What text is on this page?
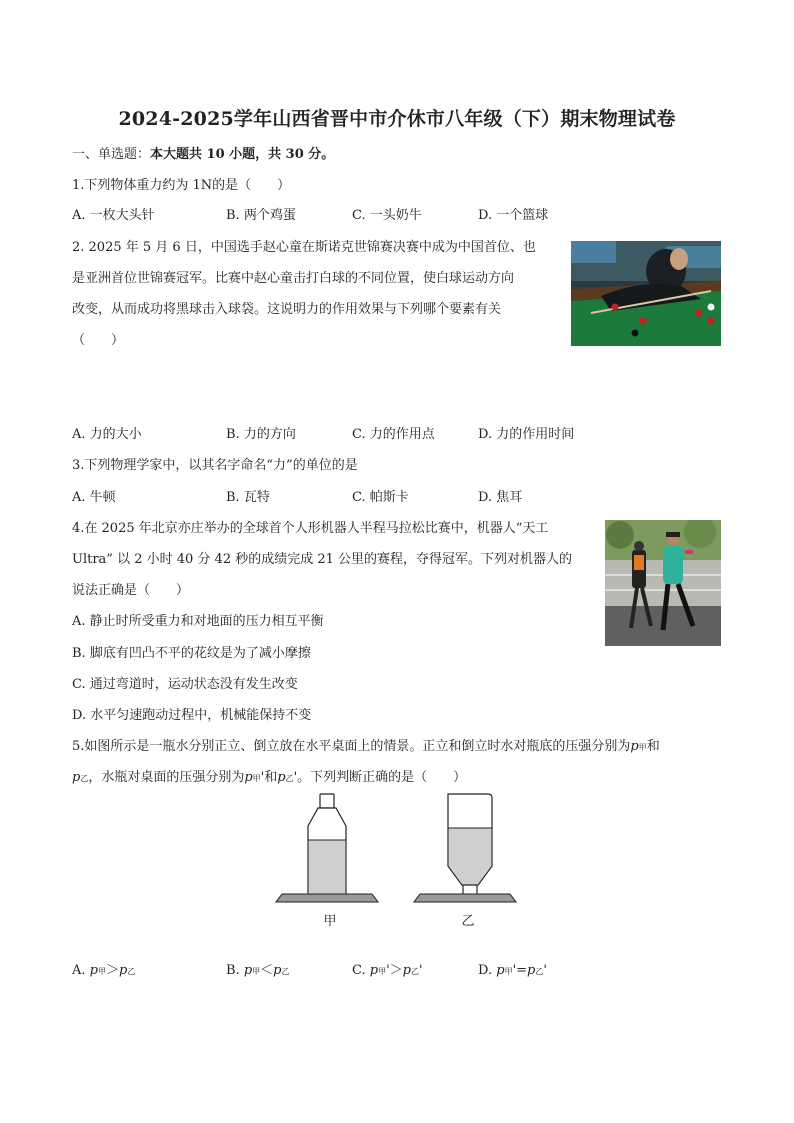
2024-2025学年山西省晋中市介休市八年级（下）期末物理试卷
一、单选题：本大题共 10 小题，共 30 分。
1.下列物体重力约为 1N的是（　　）
A. 一枚大头针	B. 两个鸡蛋	C. 一头奶牛	D. 一个篮球
2. 2025 年 5 月 6 日，中国选手赵心童在斯诺克世锦赛决赛中成为中国首位、也
是亚洲首位世锦赛冠军。比赛中赵心童击打白球的不同位置，使白球运动方向
改变，从而成功将黑球击入球袋。这说明力的作用效果与下列哪个要素有关
（　　）
A. 力的大小	B. 力的方向	C. 力的作用点	D. 力的作用时间
3.下列物理学家中，以其名字命名“力”的单位的是
A. 牛顿	B. 瓦特	C. 帕斯卡	D. 焦耳
4.在 2025 年北京亦庄举办的全球首个人形机器人半程马拉松比赛中，机器人“天工
Ultra” 以 2 小时 40 分 42 秒的成绩完成 21 公里的赛程，夺得冠军。下列对机器人的
说法正确是（　　）
A. 静止时所受重力和对地面的压力相互平衡
B. 脚底有凹凸不平的花纹是为了减小摩擦
C. 通过弯道时，运动状态没有发生改变
D. 水平匀速跑动过程中，机械能保持不变
5.如图所示是一瓶水分别正立、倒立放在水平桌面上的情景。正立和倒立时水对瓶底的压强分别为p甲和
p乙，水瓶对桌面的压强分别为p甲'和p乙'。下列判断正确的是（　　）
甲	乙
A. p甲＞p乙	B. p甲＜p乙	C. p甲'＞p乙'	D. p甲'=p乙'
